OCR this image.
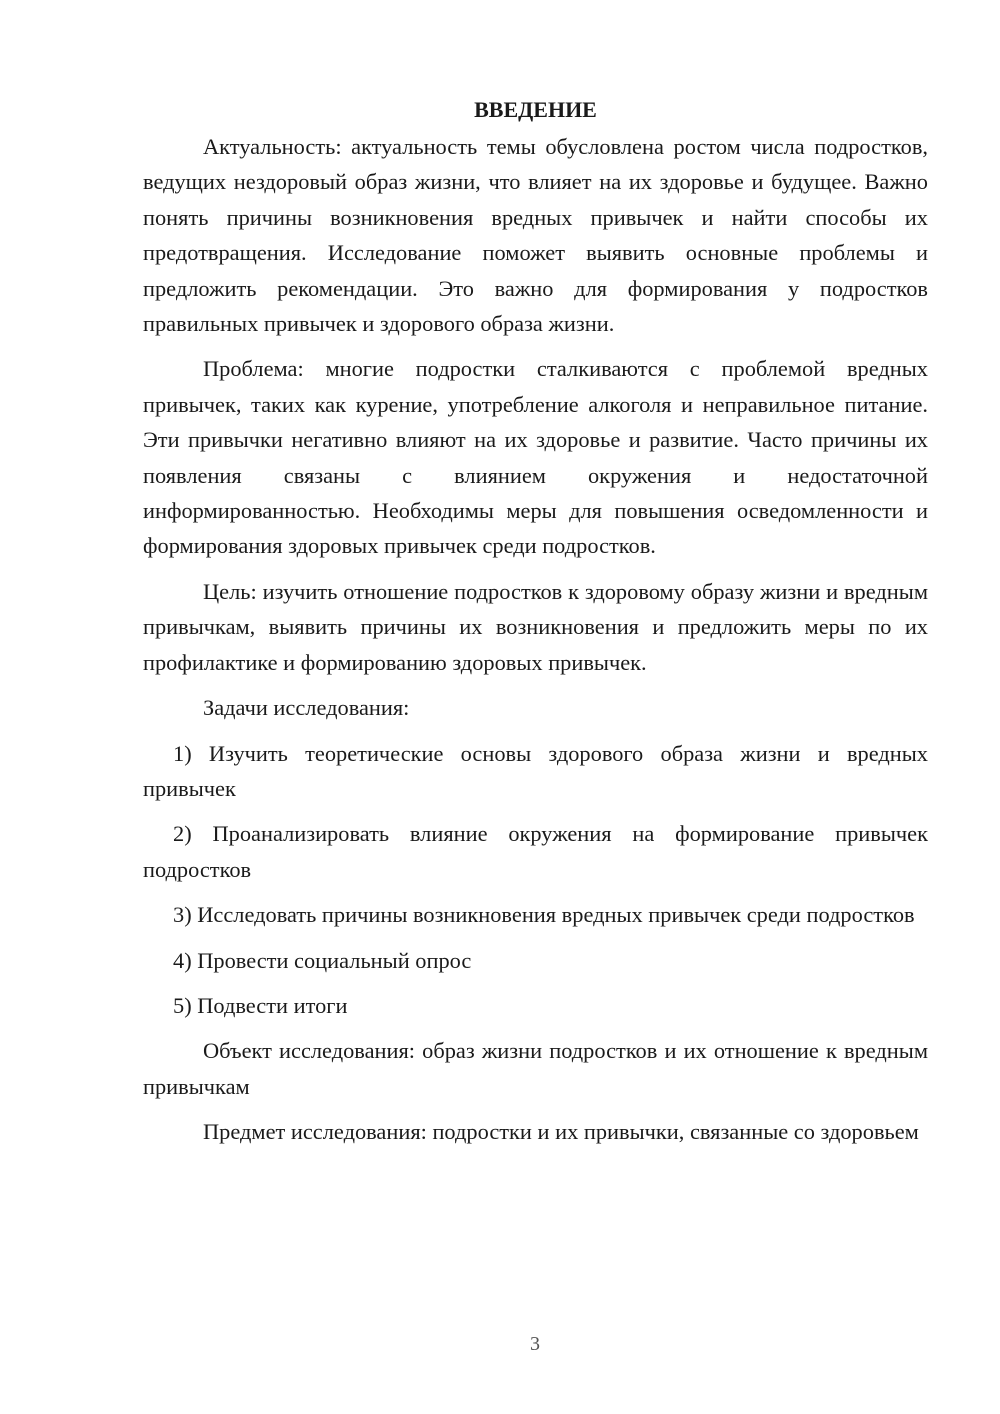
ВВЕДЕНИЕ

Актуальность: актуальность темы обусловлена ростом числа подростков, ведущих нездоровый образ жизни, что влияет на их здоровье и будущее. Важно понять причины возникновения вредных привычек и найти способы их предотвращения. Исследование поможет выявить основные проблемы и предложить рекомендации. Это важно для формирования у подростков правильных привычек и здорового образа жизни.

Проблема: многие подростки сталкиваются с проблемой вредных привычек, таких как курение, употребление алкоголя и неправильное питание. Эти привычки негативно влияют на их здоровье и развитие. Часто причины их появления связаны с влиянием окружения и недостаточной информированностью. Необходимы меры для повышения осведомленности и формирования здоровых привычек среди подростков.

Цель: изучить отношение подростков к здоровому образу жизни и вредным привычкам, выявить причины их возникновения и предложить меры по их профилактике и формированию здоровых привычек.

Задачи исследования:

1) Изучить теоретические основы здорового образа жизни и вредных привычек

2) Проанализировать влияние окружения на формирование привычек подростков

3) Исследовать причины возникновения вредных привычек среди подростков

4) Провести социальный опрос

5) Подвести итоги

Объект исследования: образ жизни подростков и их отношение к вредным привычкам

Предмет исследования: подростки и их привычки, связанные со здоровьем

3
